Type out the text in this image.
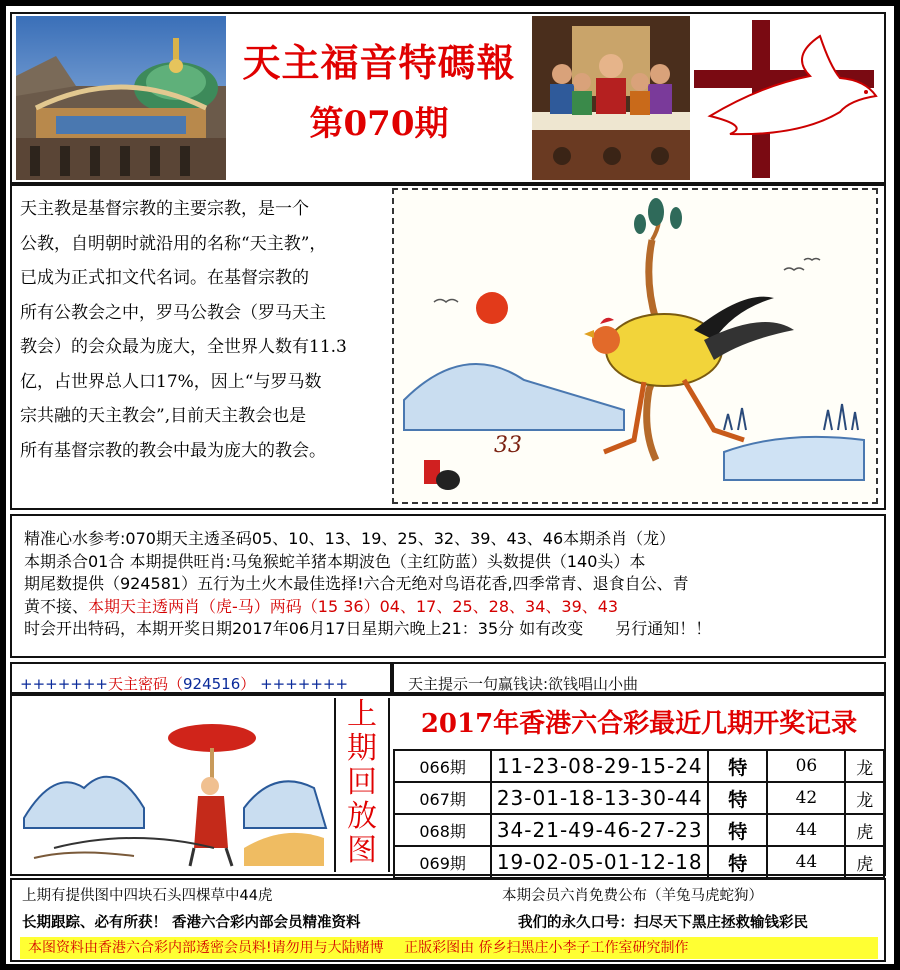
天主福音特碼報
第070期

天主教是基督宗教的主要宗教，是一个

公教，自明朝时就沿用的名称“天主教”，

已成为正式扣文代名词。在基督宗教的

所有公教会之中，罗马公教会（罗马天主

教会）的会众最为庞大，全世界人数有11.3

亿，占世界总人口17%，因上“与罗马数

宗共融的天主教会”,目前天主教会也是

所有基督宗教的教会中最为庞大的教会。	33

精准心水参考:070期天主透圣码05、10、13、19、25、32、39、43、46本期杀肖（龙）

本期杀合01合 本期提供旺肖:马兔猴蛇羊猪本期波色（主红防蓝）头数提供（140头）本

期尾数提供（924581）五行为土火木最佳选择!六合无绝对鸟语花香,四季常青、退食自公、青

黄不接、本期天主透两肖（虎-马）两码（15 36）04、17、25、28、34、39、43

时会开出特码，本期开奖日期2017年06月17日星期六晚上21：35分 如有改变　　另行通知！！

+++++++天主密码（924516） +++++++	天主提示一句赢钱诀:欲钱唱山小曲
上
期
回
放
图
2017年香港六合彩最近几期开奖记录
066期	11-23-08-29-15-24	特	06	龙
067期	23-01-18-13-30-44	特	42	龙
068期	34-21-49-46-27-23	特	44	虎
069期	19-02-05-01-12-18	特	44	虎
上期有提供图中四块石头四棵草中44虎	本期会员六肖免费公布（羊兔马虎蛇狗）
长期跟踪、必有所获！ 香港六合彩内部会员精准资料	我们的永久口号：扫尽天下黑庄拯救输钱彩民
本图资料由香港六合彩内部透密会员料!请勿用与大陆赌博 正版彩图由 侨乡扫黑庄小李子工作室研究制作
